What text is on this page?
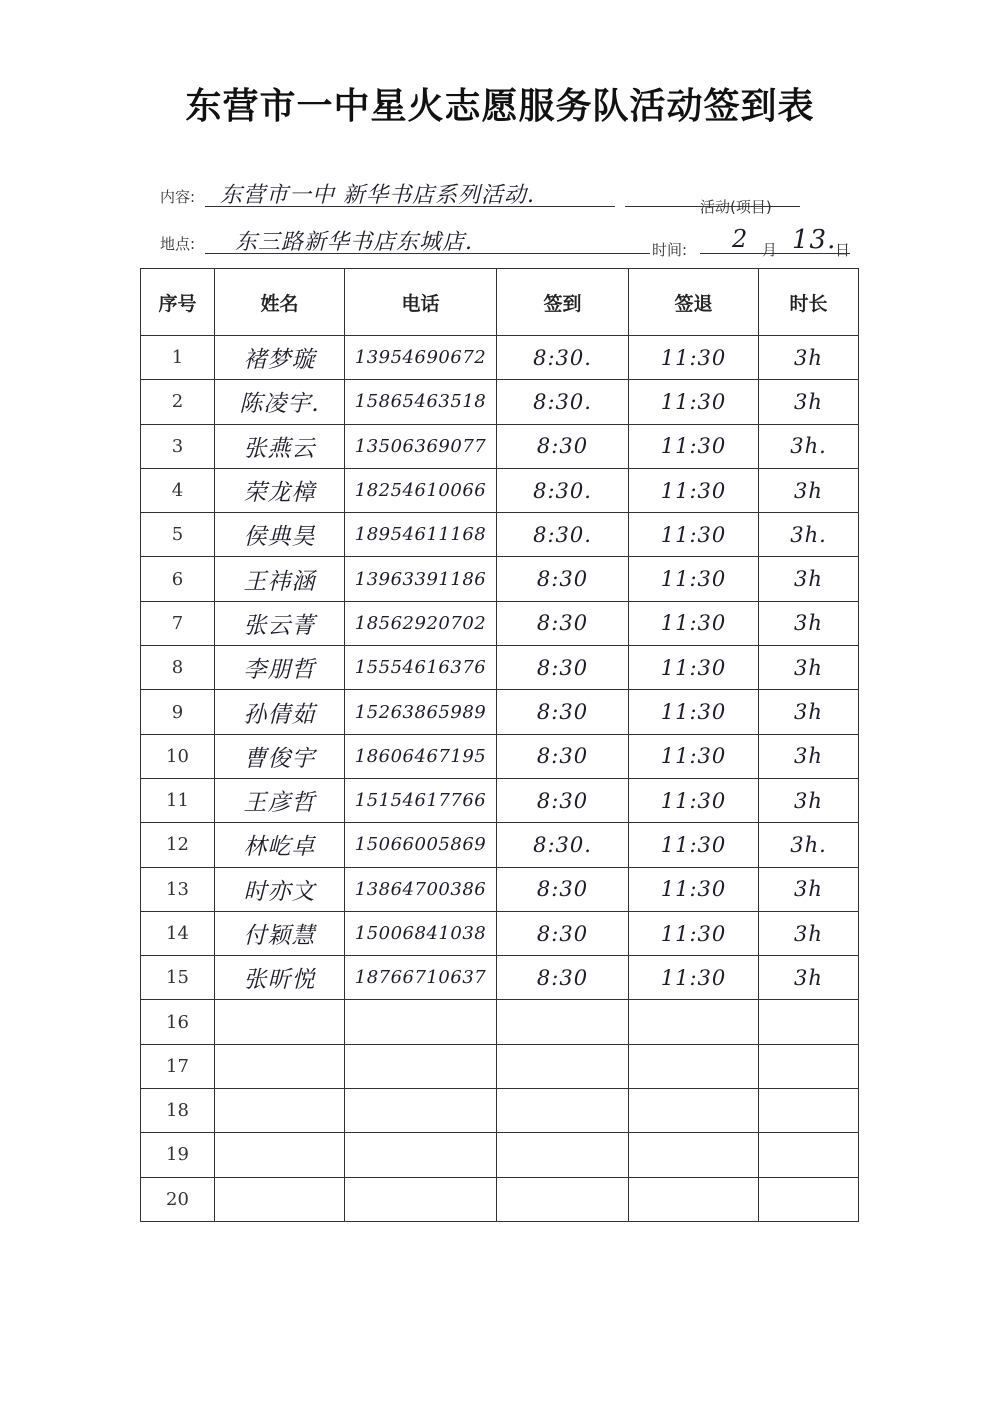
东营市一中星火志愿服务队活动签到表
内容: 东营市一中 新华书店系列活动.	活动(项目)
地点: 东三路新华书店东城店.	时间: 2 月 13.
日
序号	姓名	电话	签到	签退	时长
1	褚梦璇	13954690672	8:30.	11:30	3h
2	陈凌宇.	15865463518	8:30.	11:30	3h
3	张燕云	13506369077	8:30	11:30	3h.
4	荣龙樟	18254610066	8:30.	11:30	3h
5	侯典昊	18954611168	8:30.	11:30	3h.
6	王祎涵	13963391186	8:30	11:30	3h
7	张云菁	18562920702	8:30	11:30	3h
8	李朋哲	15554616376	8:30	11:30	3h
9	孙倩茹	15263865989	8:30	11:30	3h
10	曹俊宇	18606467195	8:30	11:30	3h
11	王彦哲	15154617766	8:30	11:30	3h
12	林屹卓	15066005869	8:30.	11:30	3h.
13	时亦文	13864700386	8:30	11:30	3h
14	付颖慧	15006841038	8:30	11:30	3h
15	张昕悦	18766710637	8:30	11:30	3h
16					
17					
18					
19					
20					
